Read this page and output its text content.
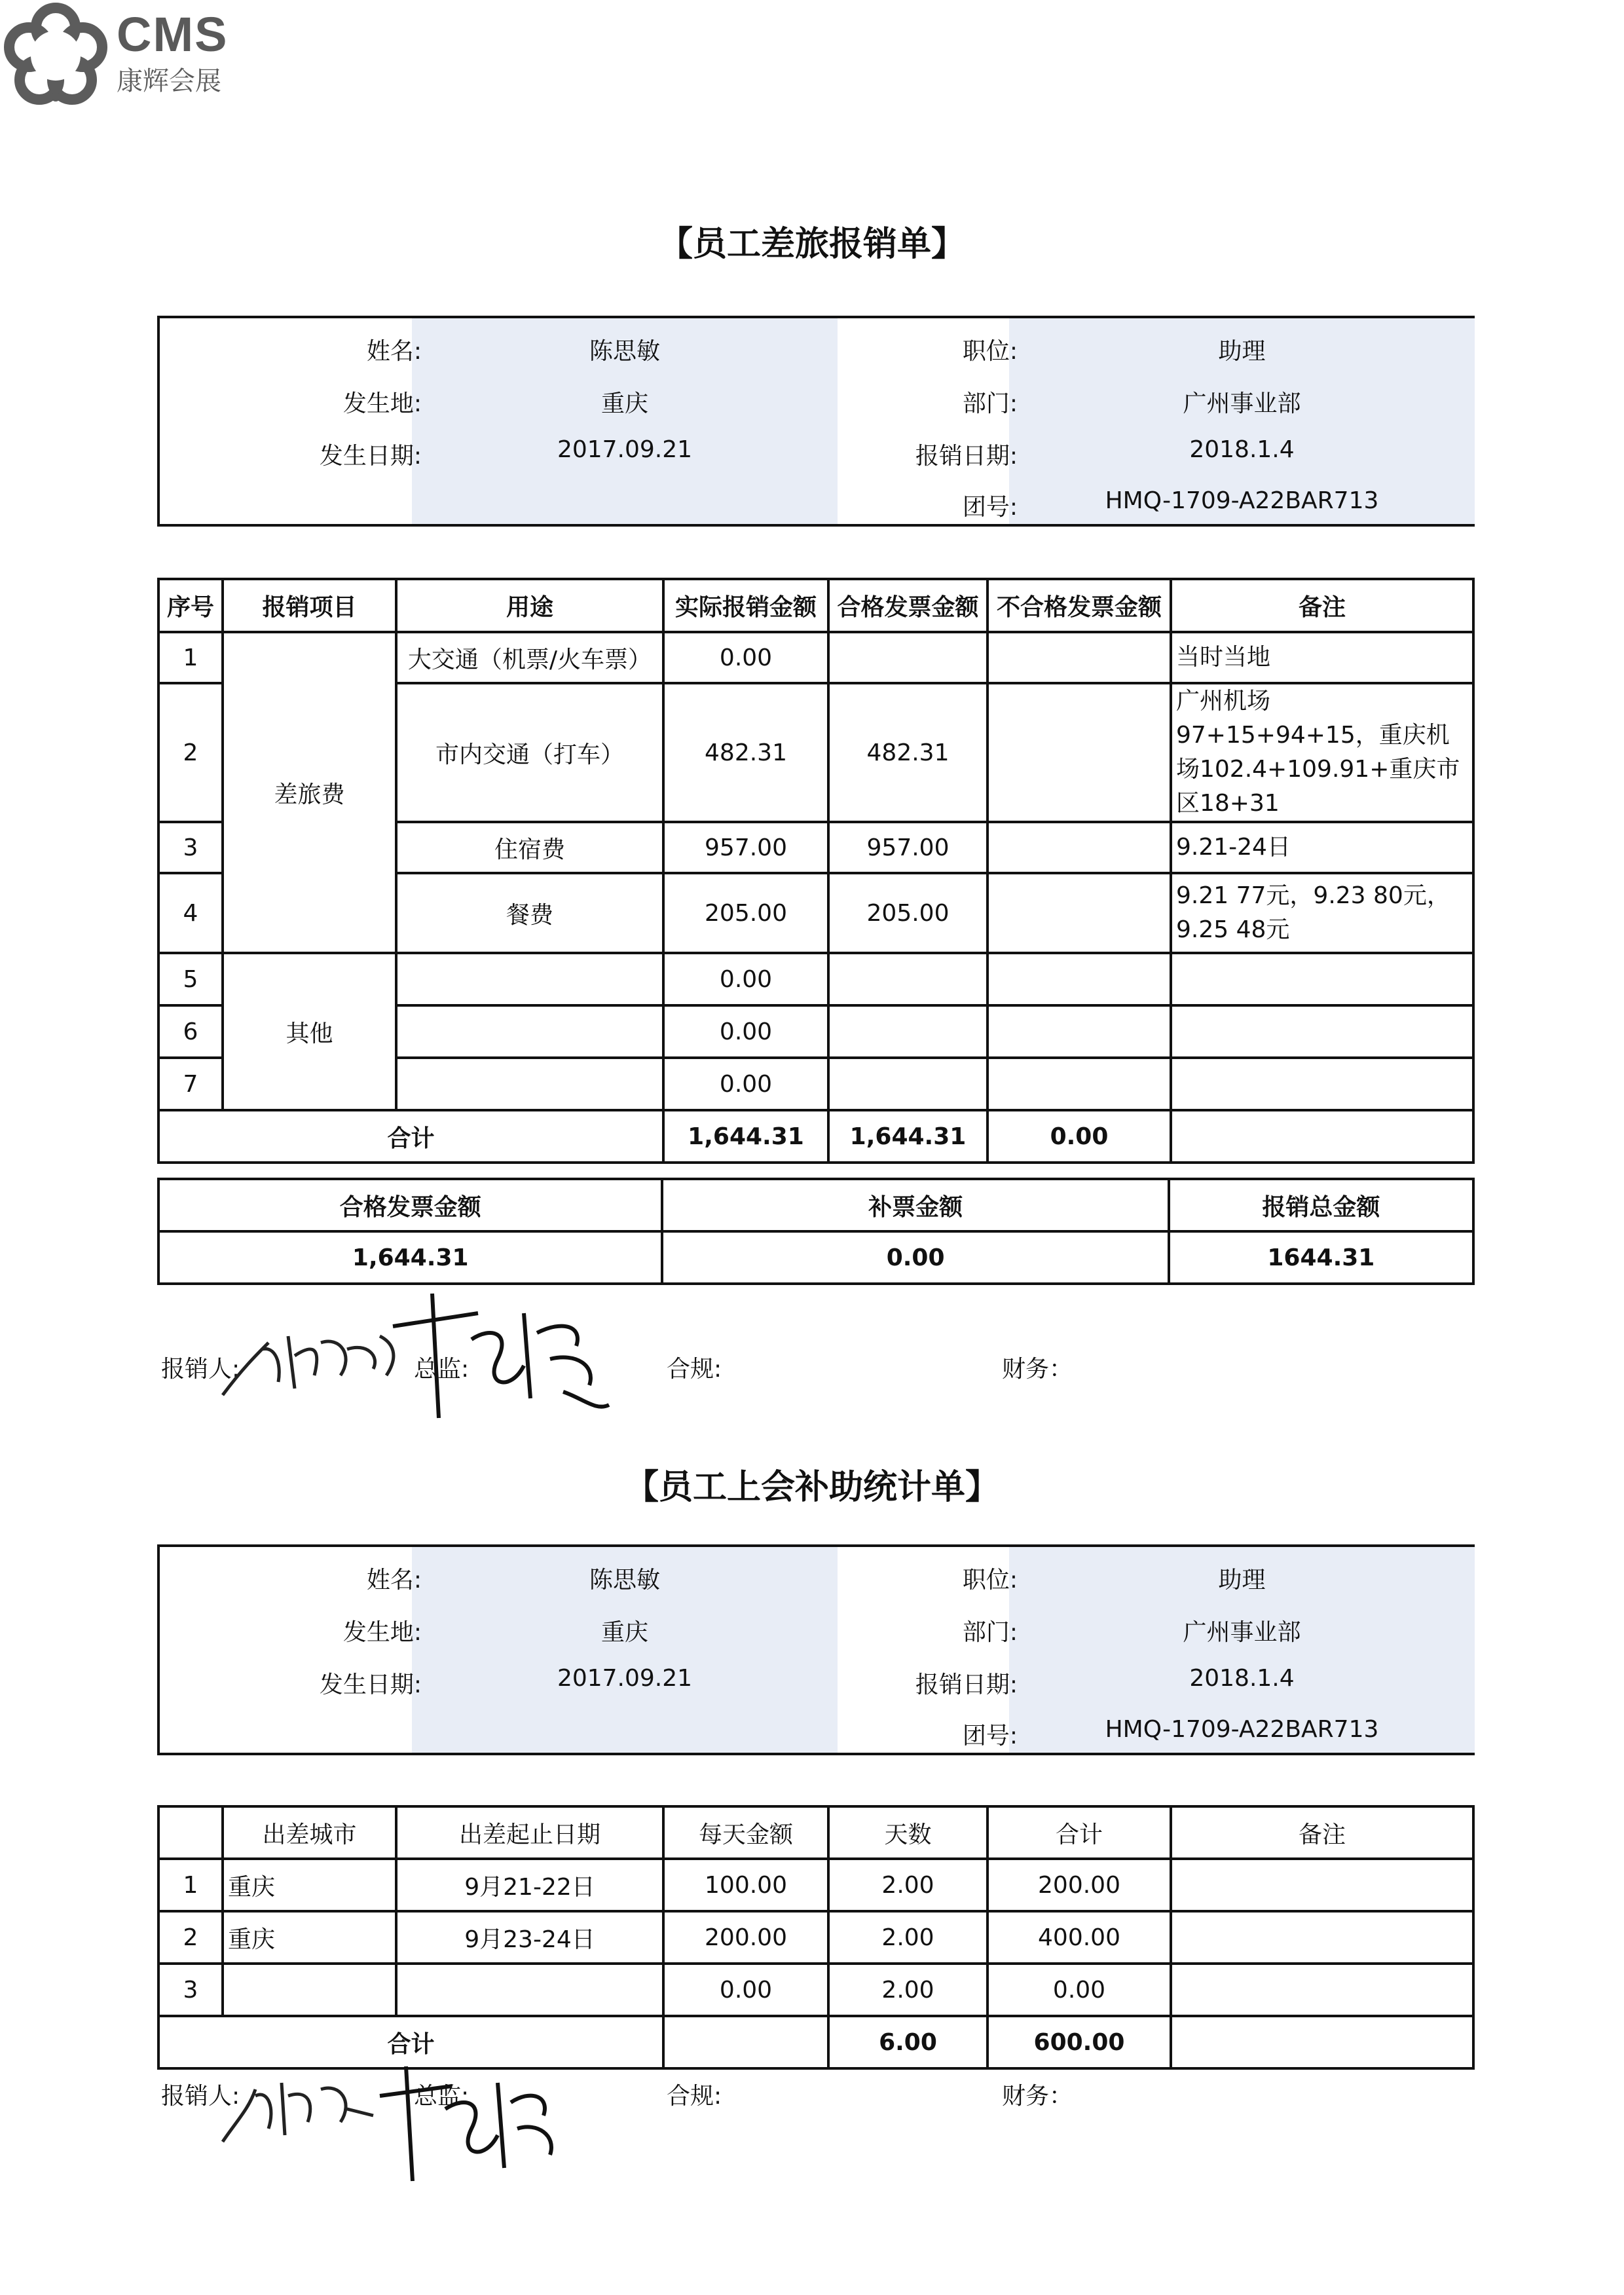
CMS
康辉会展
【员工差旅报销单】
姓名:	陈思敏
发生地:	重庆
发生日期:	2017.09.21
职位:	助理
部门:	广州事业部
报销日期:	2018.1.4
团号:	HMQ-1709-A22BAR713
序号	报销项目	用途	实际报销金额	合格发票金额	不合格发票金额	备注
1	差旅费	大交通（机票/火车票）	0.00			当时当地
2		市内交通（打车）	482.31	482.31		广州机场97+15+94+15，重庆机场102.4+109.91+重庆市区18+31
3		住宿费	957.00	957.00		9.21-24日
4		餐费	205.00	205.00		9.21 77元，9.23 80元，9.25 48元
5	其他		0.00			
6			0.00			
7			0.00			
合计			1,644.31	1,644.31	0.00	
合格发票金额	补票金额	报销总金额
1,644.31	0.00	1644.31
报销人:	总监:	合规:	财务：
【员工上会补助统计单】
姓名:	陈思敏
发生地:	重庆
发生日期:	2017.09.21
职位:	助理
部门:	广州事业部
报销日期:	2018.1.4
团号:	HMQ-1709-A22BAR713
	出差城市	出差起止日期	每天金额	天数	合计	备注
1	重庆	9月21-22日	100.00	2.00	200.00	
2	重庆	9月23-24日	200.00	2.00	400.00	
3			0.00	2.00	0.00	
合计				6.00	600.00	
报销人:	总监:	合规:	财务：
